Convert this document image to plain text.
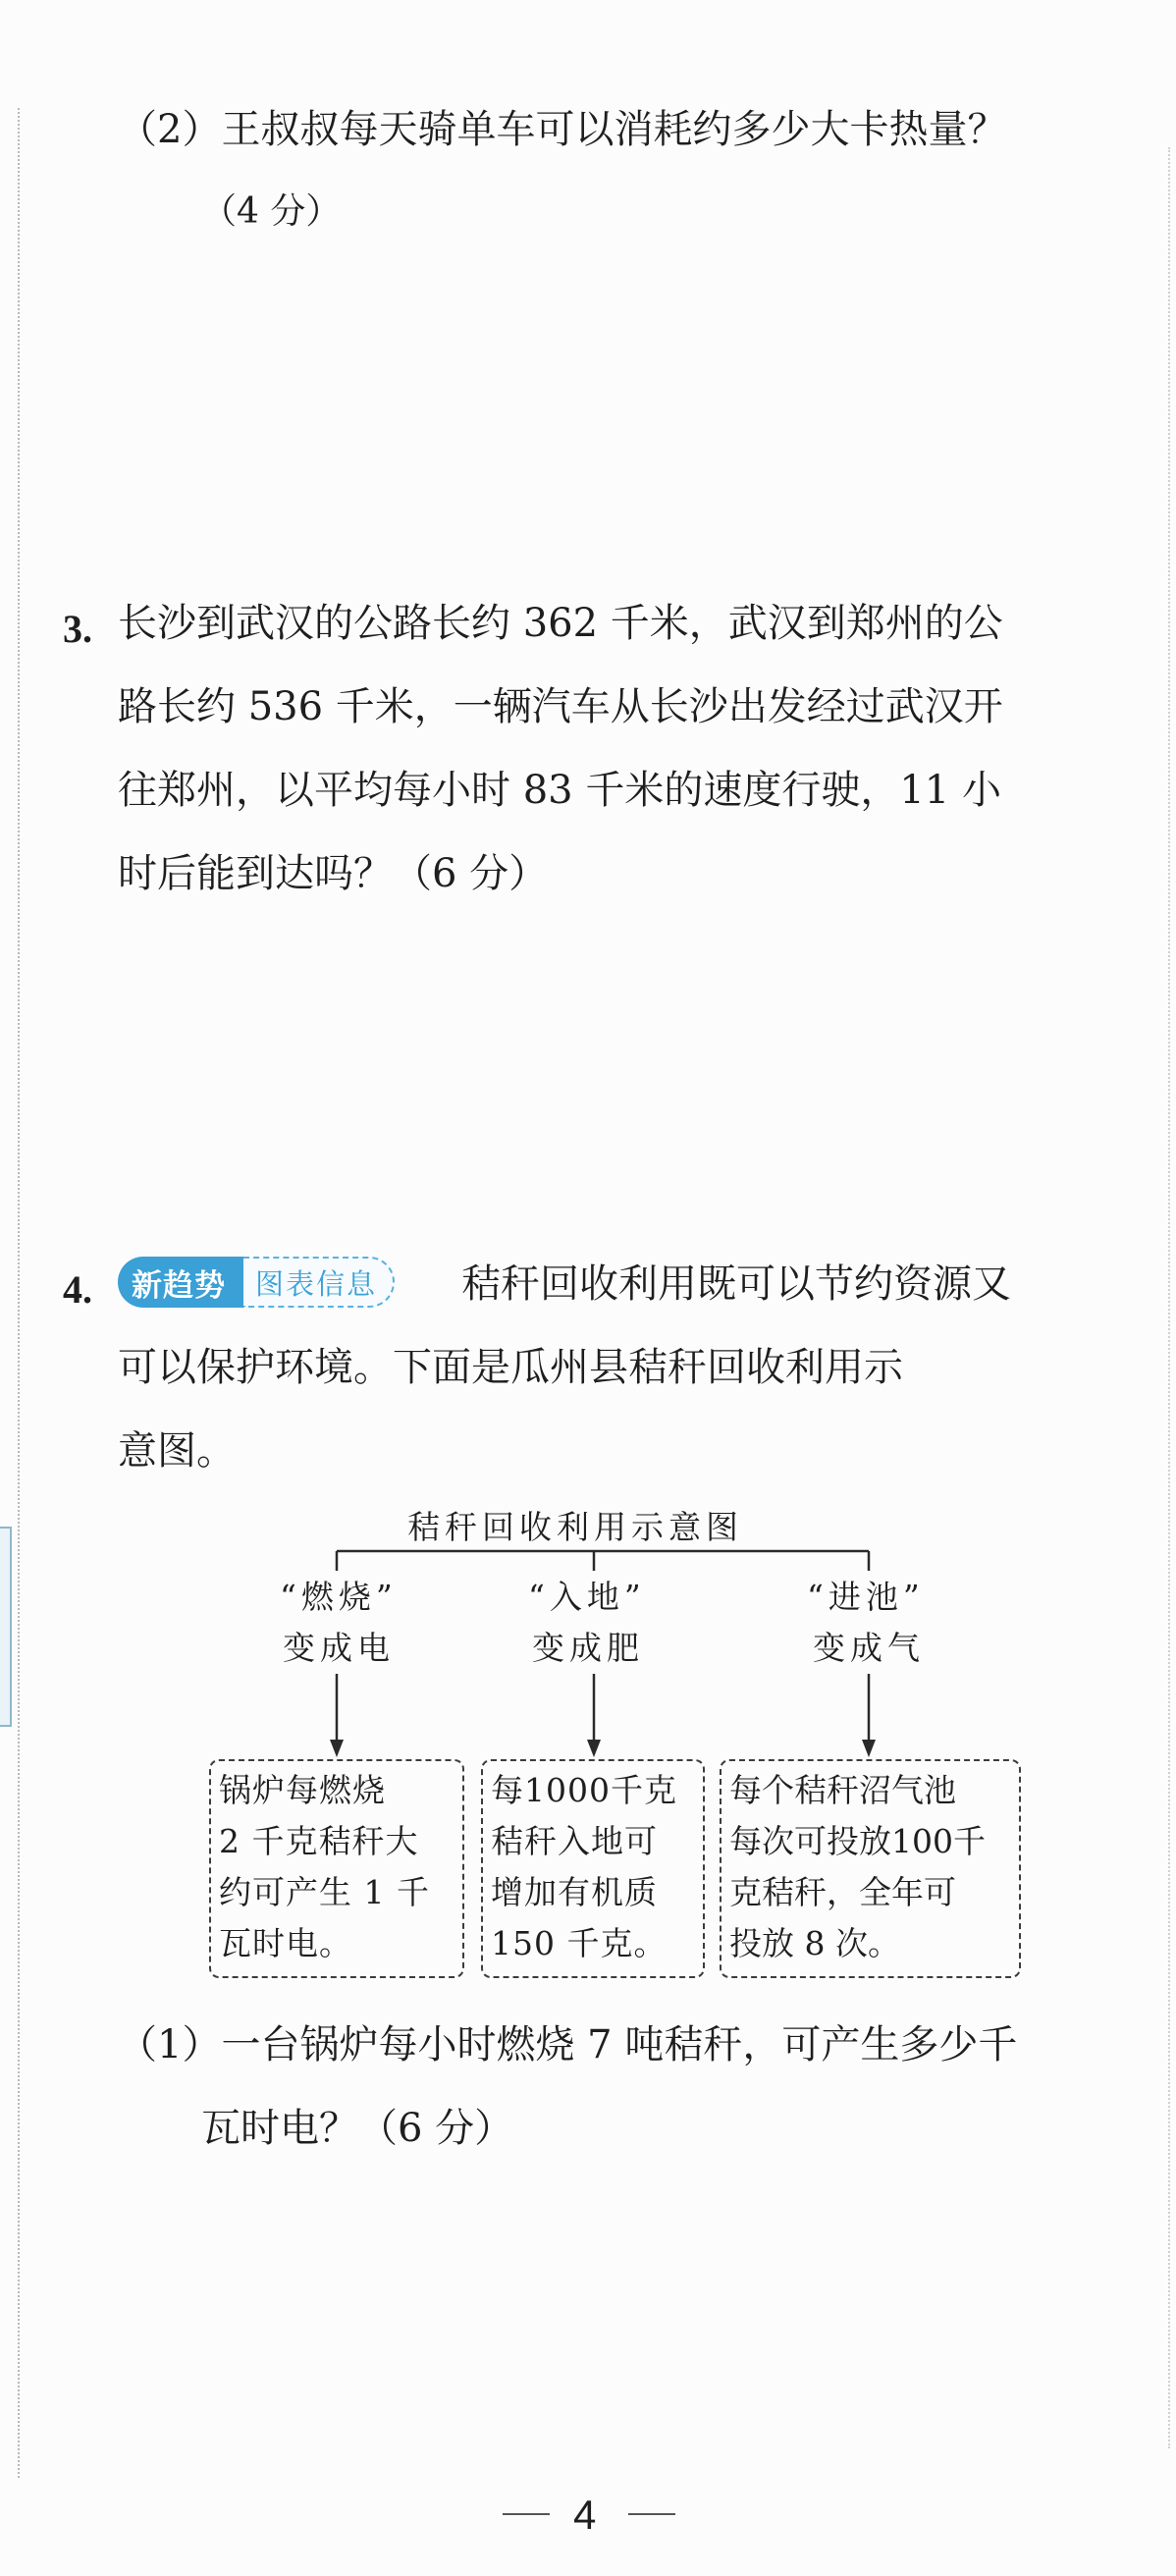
（2）王叔叔每天骑单车可以消耗约多少大卡热量？
（4 分）
3. 长沙到武汉的公路长约 362 千米，武汉到郑州的公
路长约 536 千米，一辆汽车从长沙出发经过武汉开
往郑州，以平均每小时 83 千米的速度行驶，11 小
时后能到达吗？（6 分）
4.	新趋势	图表信息	秸秆回收利用既可以节约资源又
可以保护环境。下面是瓜州县秸秆回收利用示
意图。
秸秆回收利用示意图
“燃烧”
变成电
“入地”
变成肥
“进池”
变成气
锅炉每燃烧
2 千克秸秆大
约可产生 1 千
瓦时电。
每1000千克
秸秆入地可
增加有机质
150 千克。
每个秸秆沼气池
每次可投放100千
克秸秆，全年可
投放 8 次。
（1）一台锅炉每小时燃烧 7 吨秸秆，可产生多少千
瓦时电？（6 分）
4
